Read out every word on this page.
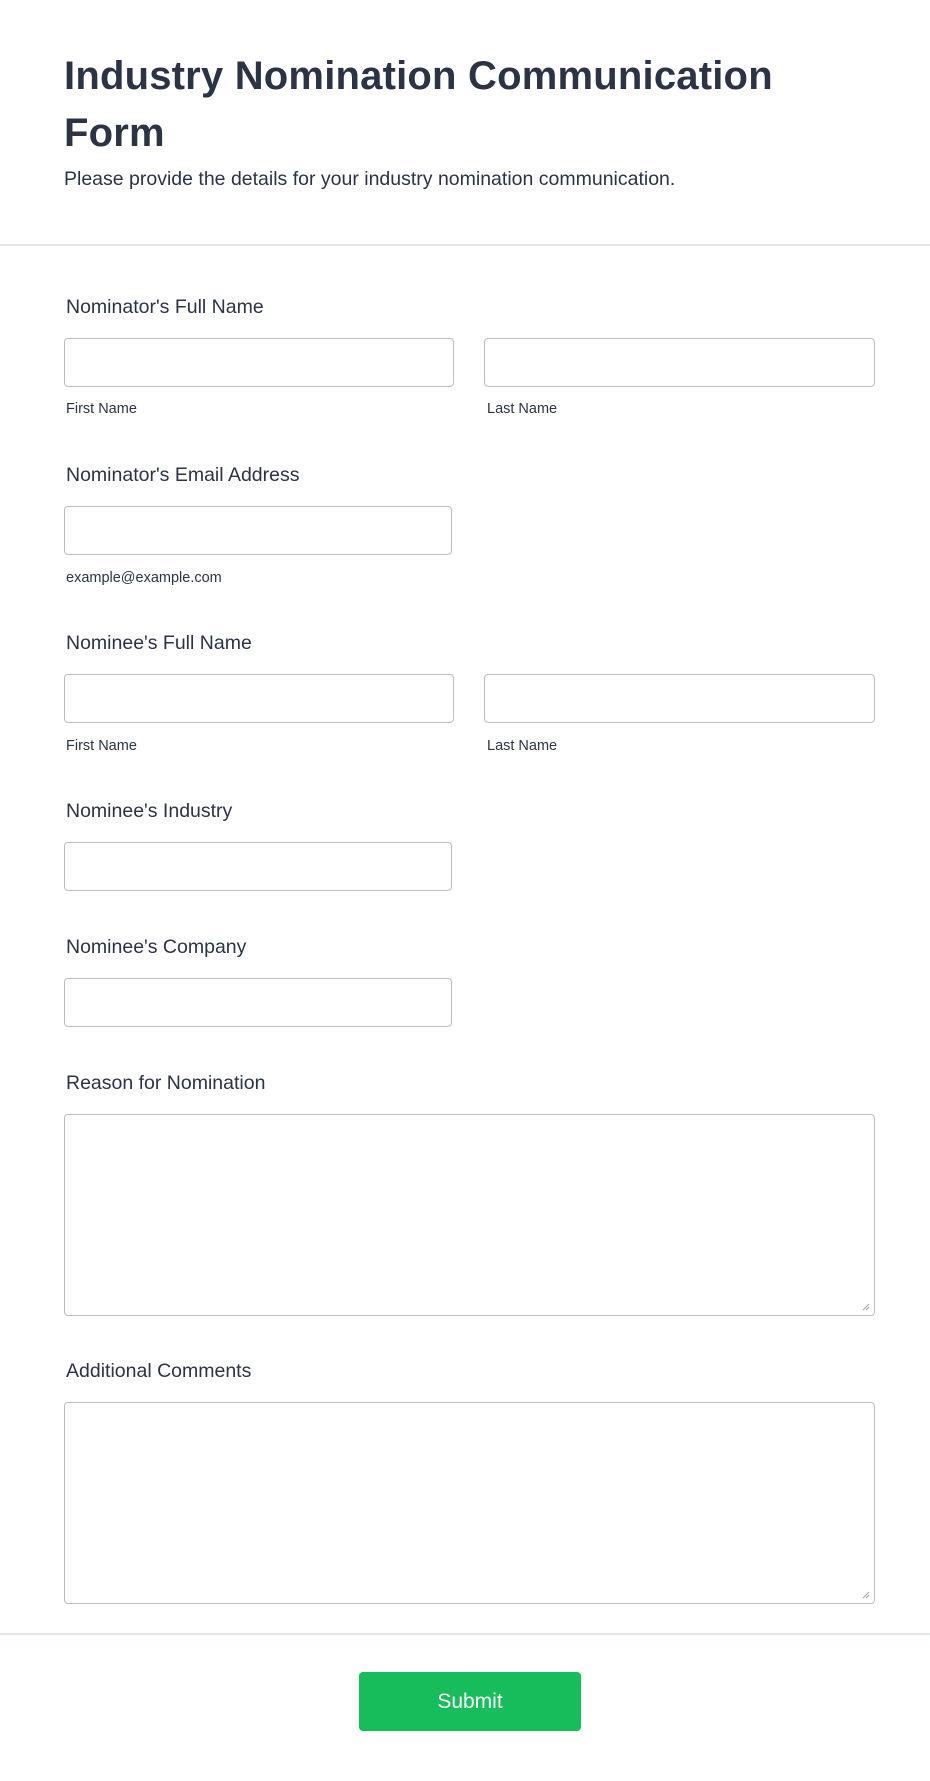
Industry Nomination Communication Form

Please provide the details for your industry nomination communication.

Nominator's Full Name
First Name	Last Name
Nominator's Email Address
example@example.com
Nominee's Full Name
First Name	Last Name
Nominee's Industry
Nominee's Company
Reason for Nomination
Additional Comments
Submit
